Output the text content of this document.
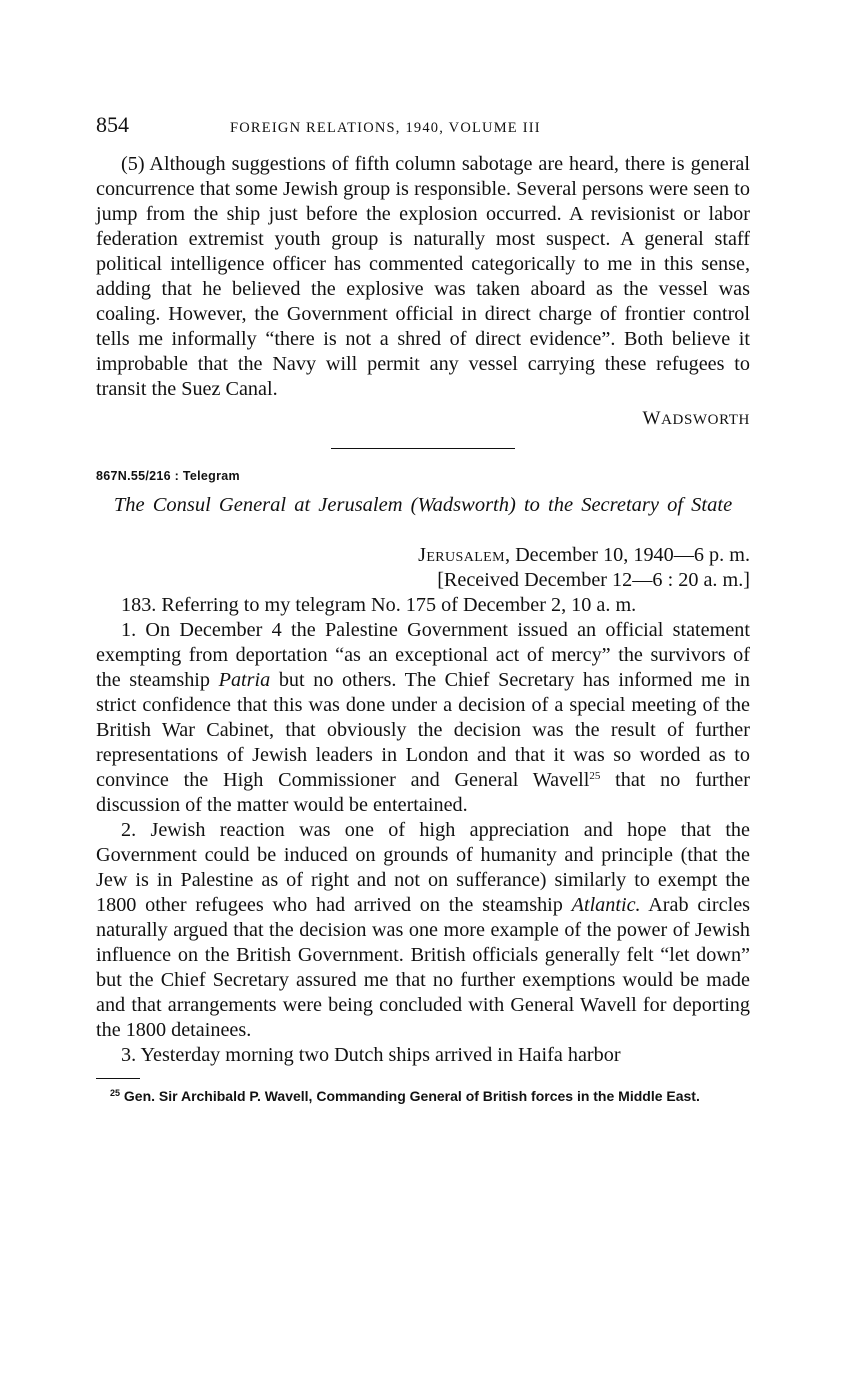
854	FOREIGN RELATIONS, 1940, VOLUME III

(5) Although suggestions of fifth column sabotage are heard, there is general concurrence that some Jewish group is responsible. Several persons were seen to jump from the ship just before the explosion occurred. A revisionist or labor federation extremist youth group is naturally most suspect. A general staff political intelligence officer has commented categorically to me in this sense, adding that he believed the explosive was taken aboard as the vessel was coaling. However, the Government official in direct charge of frontier control tells me informally “there is not a shred of direct evidence”. Both believe it improbable that the Navy will permit any vessel carrying these refugees to transit the Suez Canal.

WADSWORTH
867N.55/216 : Telegram
The Consul General at Jerusalem (Wadsworth) to the Secretary of State
Jerusalem, December 10, 1940—6 p. m.
[Received December 12—6 : 20 a. m.]

183. Referring to my telegram No. 175 of December 2, 10 a. m.

1. On December 4 the Palestine Government issued an official statement exempting from deportation “as an exceptional act of mercy” the survivors of the steamship Patria but no others. The Chief Secretary has informed me in strict confidence that this was done under a decision of a special meeting of the British War Cabinet, that obviously the decision was the result of further representations of Jewish leaders in London and that it was so worded as to convince the High Commissioner and General Wavell$^{25}$ that no further discussion of the matter would be entertained.

2. Jewish reaction was one of high appreciation and hope that the Government could be induced on grounds of humanity and principle (that the Jew is in Palestine as of right and not on sufferance) similarly to exempt the 1800 other refugees who had arrived on the steamship Atlantic. Arab circles naturally argued that the decision was one more example of the power of Jewish influence on the British Government. British officials generally felt “let down” but the Chief Secretary assured me that no further exemptions would be made and that arrangements were being concluded with General Wavell for deporting the 1800 detainees.

3. Yesterday morning two Dutch ships arrived in Haifa harbor

$^{25}$ Gen. Sir Archibald P. Wavell, Commanding General of British forces in the Middle East.
